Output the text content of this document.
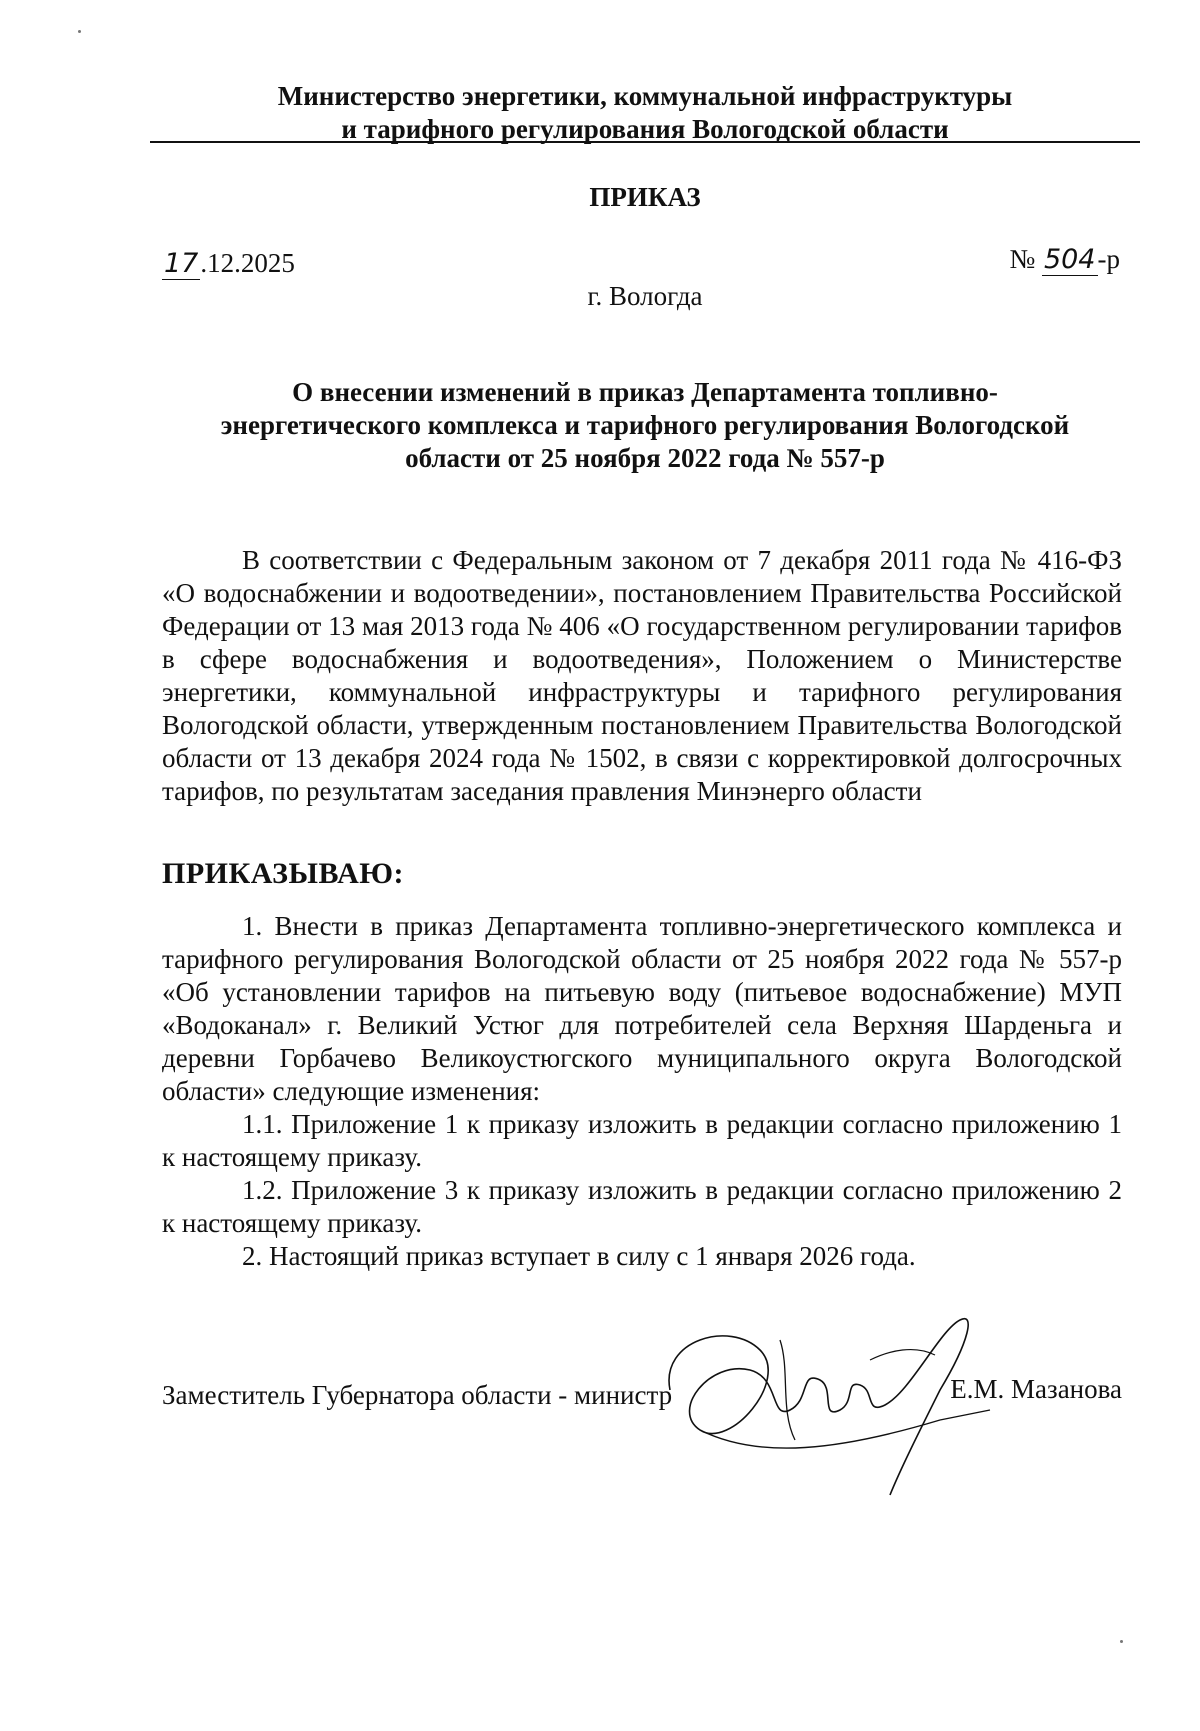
Министерство энергетики, коммунальной инфраструктуры
и тарифного регулирования Вологодской области
ПРИКАЗ
17.12.2025	№ 504-р
г. Вологда
О внесении изменений в приказ Департамента топливно-
энергетического комплекса и тарифного регулирования Вологодской
области от 25 ноября 2022 года № 557-р

В соответствии с Федеральным законом от 7 декабря 2011 года № 416-ФЗ «О водоснабжении и водоотведении», постановлением Правительства Российской Федерации от 13 мая 2013 года № 406 «О государственном регулировании тарифов в сфере водоснабжения и водоотведения», Положением о Министерстве энергетики, коммунальной инфраструктуры и тарифного регулирования Вологодской области, утвержденным постановлением Правительства Вологодской области от 13 декабря 2024 года № 1502, в связи с корректировкой долгосрочных тарифов, по результатам заседания правления Минэнерго области

ПРИКАЗЫВАЮ:

1. Внести в приказ Департамента топливно-энергетического комплекса и тарифного регулирования Вологодской области от 25 ноября 2022 года № 557-р «Об установлении тарифов на питьевую воду (питьевое водоснабжение) МУП «Водоканал» г. Великий Устюг для потребителей села Верхняя Шарденьга и деревни Горбачево Великоустюгского муниципального округа Вологодской области» следующие изменения:

1.1. Приложение 1 к приказу изложить в редакции согласно приложению 1 к настоящему приказу.

1.2. Приложение 3 к приказу изложить в редакции согласно приложению 2 к настоящему приказу.

2. Настоящий приказ вступает в силу с 1 января 2026 года.

Заместитель Губернатора области - министр	Е.М. Мазанова
